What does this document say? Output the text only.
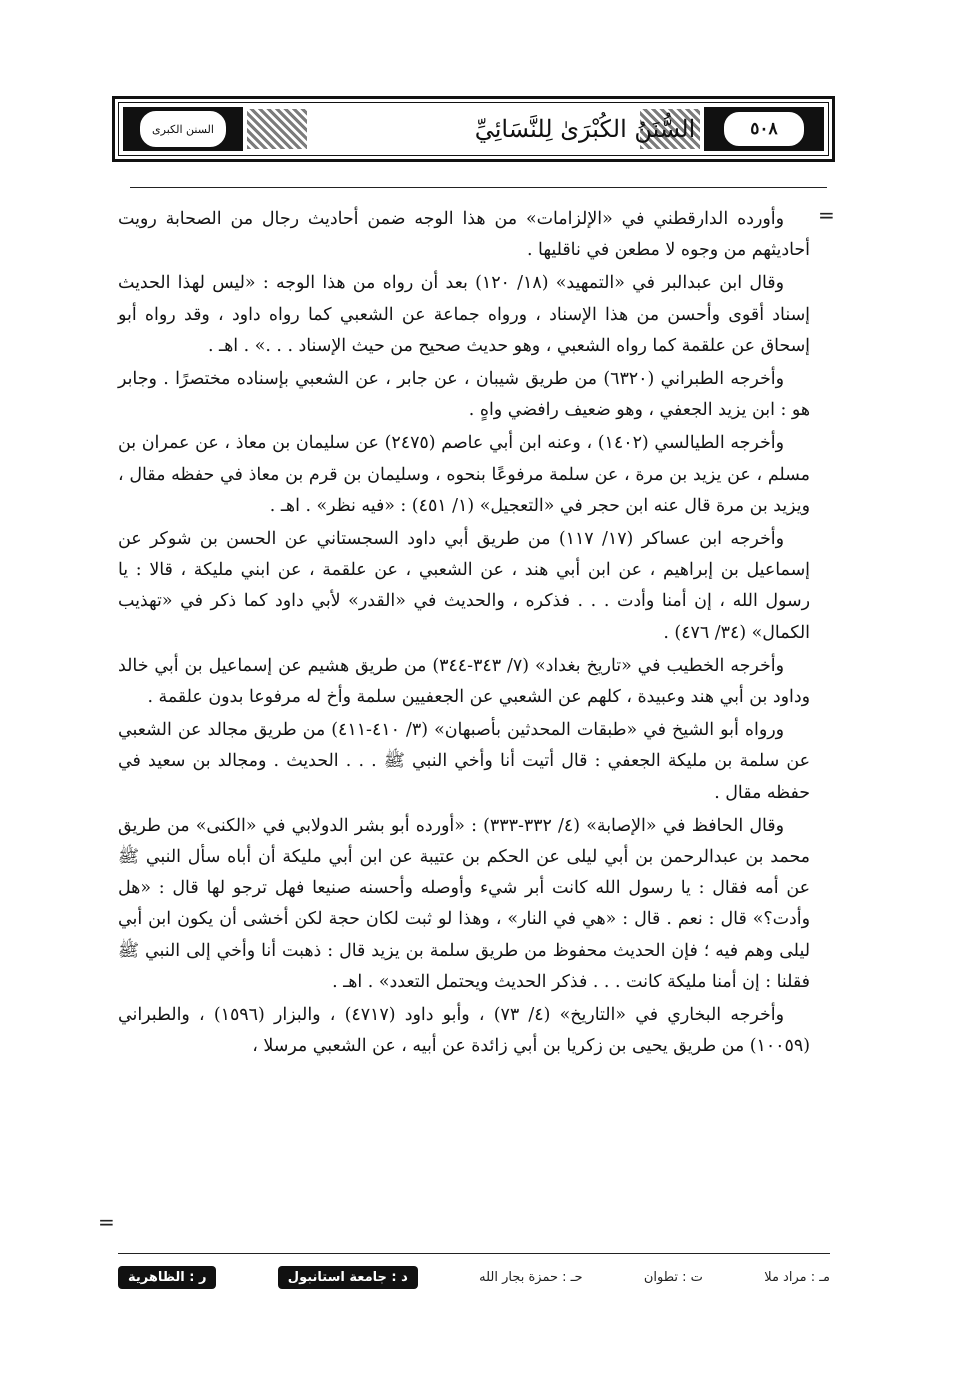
٥٠٨
السُّنَنُ الكُبْرَىٰ لِلنَّسَائِيِّ
السنن الكبرى
=

وأورده الدارقطني في «الإلزامات» من هذا الوجه ضمن أحاديث رجال من الصحابة رويت أحاديثهم من وجوه لا مطعن في ناقليها .

وقال ابن عبدالبر في «التمهيد» (١٨/ ١٢٠) بعد أن رواه من هذا الوجه : «ليس لهذا الحديث إسناد أقوى وأحسن من هذا الإسناد ، ورواه جماعة عن الشعبي كما رواه داود ، وقد رواه أبو إسحاق عن علقمة كما رواه الشعبي ، وهو حديث صحيح من حيث الإسناد . . .» . اهـ .

وأخرجه الطبراني (٦٣٢٠) من طريق شيبان ، عن جابر ، عن الشعبي بإسناده مختصرًا . وجابر هو : ابن يزيد الجعفي ، وهو ضعيف رافضي واهٍ .

وأخرجه الطيالسي (١٤٠٢) ، وعنه ابن أبي عاصم (٢٤٧٥) عن سليمان بن معاذ ، عن عمران بن مسلم ، عن يزيد بن مرة ، عن سلمة مرفوعًا بنحوه ، وسليمان بن قرم بن معاذ في حفظه مقال ، ويزيد بن مرة قال عنه ابن حجر في «التعجيل» (١/ ٤٥١) : «فيه نظر» . اهـ .

وأخرجه ابن عساكر (١٧/ ١١٧) من طريق أبي داود السجستاني عن الحسن بن شوكر عن إسماعيل بن إبراهيم ، عن ابن أبي هند ، عن الشعبي ، عن علقمة ، عن ابني مليكة ، قالا : يا رسول الله ، إن أمنا وأدت . . . فذكره ، والحديث في «القدر» لأبي داود كما ذكر في «تهذيب الكمال» (٣٤/ ٤٧٦) .

وأخرجه الخطيب في «تاريخ بغداد» (٧/ ٣٤٣-٣٤٤) من طريق هشيم عن إسماعيل بن أبي خالد وداود بن أبي هند وعبيدة ، كلهم عن الشعبي عن الجعفيين سلمة وأخ له مرفوعا بدون علقمة .

ورواه أبو الشيخ في «طبقات المحدثين بأصبهان» (٣/ ٤١٠-٤١١) من طريق مجالد عن الشعبي عن سلمة بن مليكة الجعفي : قال أتيت أنا وأخي النبي ﷺ . . . الحديث . ومجالد بن سعيد في حفظه مقال .

وقال الحافظ في «الإصابة» (٤/ ٣٣٢-٣٣٣) : «أورده أبو بشر الدولابي في «الكنى» من طريق محمد بن عبدالرحمن بن أبي ليلى عن الحكم بن عتيبة عن ابن أبي مليكة أن أباه سأل النبي ﷺ عن أمه فقال : يا رسول الله كانت أبر شيء وأوصله وأحسنه صنيعا فهل ترجو لها قال : «هل وأدت؟» قال : نعم . قال : «هي في النار» ، وهذا لو ثبت لكان حجة لكن أخشى أن يكون ابن أبي ليلى وهم فيه ؛ فإن الحديث محفوظ من طريق سلمة بن يزيد قال : ذهبت أنا وأخي إلى النبي ﷺ فقلنا : إن أمنا مليكة كانت . . . فذكر الحديث ويحتمل التعدد» . اهـ .

وأخرجه البخاري في «التاريخ» (٤/ ٧٣) ، وأبو داود (٤٧١٧) ، والبزار (١٥٩٦) ، والطبراني (١٠٠٥٩) من طريق يحيى بن زكريا بن أبي زائدة عن أبيه ، عن الشعبي مرسلا ،

=
مـ : مراد ملا
ت : تطوان
حـ : حمزة بجار الله
د : جامعة استانبول
ر : الظاهرية
